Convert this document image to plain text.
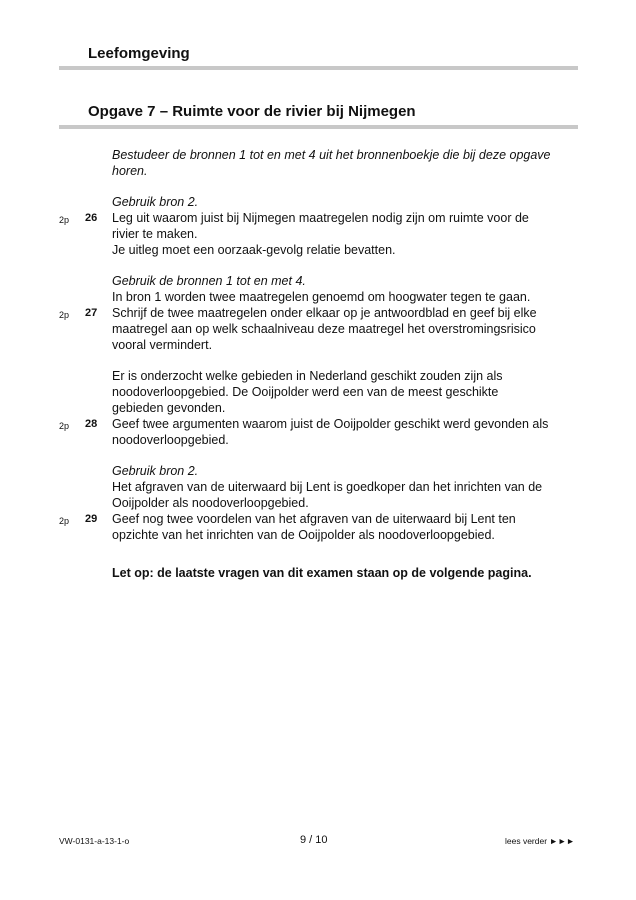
Leefomgeving
Opgave 7 – Ruimte voor de rivier bij Nijmegen

Bestudeer de bronnen 1 tot en met 4 uit het bronnenboekje die bij deze opgave horen.

Gebruik bron 2.
2p 26 Leg uit waarom juist bij Nijmegen maatregelen nodig zijn om ruimte voor de rivier te maken.
Je uitleg moet een oorzaak-gevolg relatie bevatten.
Gebruik de bronnen 1 tot en met 4.
In bron 1 worden twee maatregelen genoemd om hoogwater tegen te gaan.
2p 27 Schrijf de twee maatregelen onder elkaar op je antwoordblad en geef bij elke maatregel aan op welk schaalniveau deze maatregel het overstromingsrisico vooral vermindert.
Er is onderzocht welke gebieden in Nederland geschikt zouden zijn als noodoverloopgebied. De Ooijpolder werd een van de meest geschikte gebieden gevonden.
2p 28 Geef twee argumenten waarom juist de Ooijpolder geschikt werd gevonden als noodoverloopgebied.
Gebruik bron 2.
Het afgraven van de uiterwaard bij Lent is goedkoper dan het inrichten van de Ooijpolder als noodoverloopgebied.
2p 29 Geef nog twee voordelen van het afgraven van de uiterwaard bij Lent ten opzichte van het inrichten van de Ooijpolder als noodoverloopgebied.
Let op: de laatste vragen van dit examen staan op de volgende pagina.
VW-0131-a-13-1-o	9 / 10	lees verder ►►►
